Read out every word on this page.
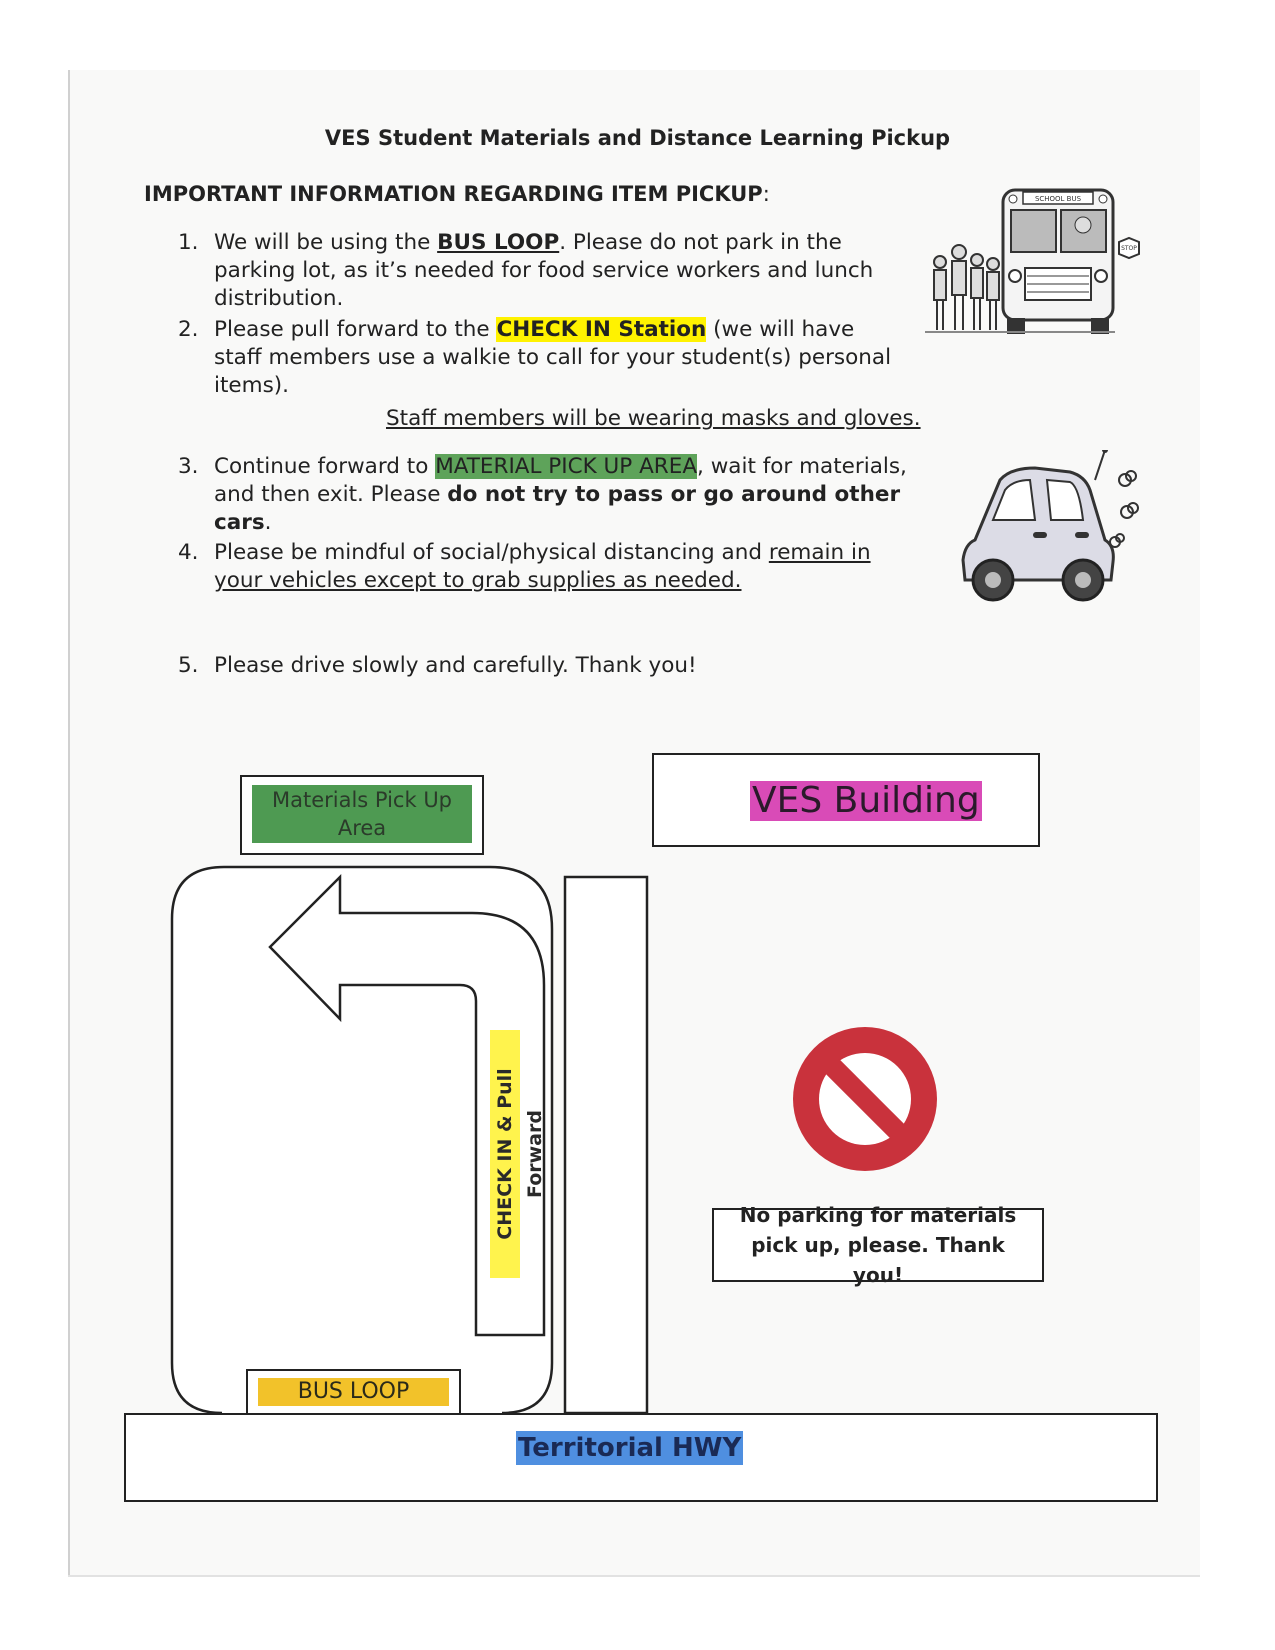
VES Student Materials and Distance Learning Pickup
IMPORTANT INFORMATION REGARDING ITEM PICKUP:
1. We will be using the BUS LOOP. Please do not park in the parking lot, as it’s needed for food service workers and lunch distribution.
2. Please pull forward to the CHECK IN Station (we will have staff members use a walkie to call for your student(s) personal items).
Staff members will be wearing masks and gloves.
3. Continue forward to MATERIAL PICK UP AREA, wait for materials, and then exit. Please do not try to pass or go around other cars.
4. Please be mindful of social/physical distancing and remain in your vehicles except to grab supplies as needed.
5. Please drive slowly and carefully. Thank you!
SCHOOL BUS
STOP
Materials Pick Up Area
VES Building
CHECK IN & Pull Forward
BUS LOOP
Territorial HWY
No parking for materials pick up, please. Thank you!
